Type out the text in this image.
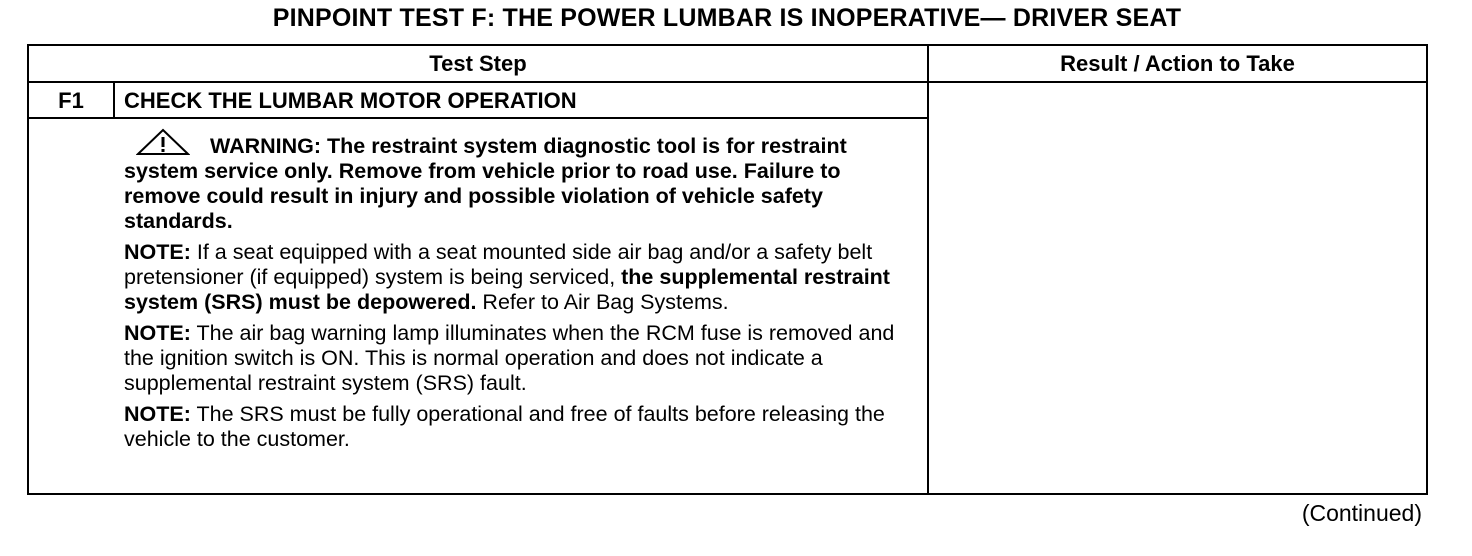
PINPOINT TEST F: THE POWER LUMBAR IS INOPERATIVE— DRIVER SEAT
Test Step	Result / Action to Take
F1	CHECK THE LUMBAR MOTOR OPERATION
WARNING: The restraint system diagnostic tool is for restraint system service only. Remove from vehicle prior to road use. Failure to remove could result in injury and possible violation of vehicle safety standards.
NOTE: If a seat equipped with a seat mounted side air bag and/or a safety belt pretensioner (if equipped) system is being serviced, the supplemental restraint system (SRS) must be depowered. Refer to Air Bag Systems.
NOTE: The air bag warning lamp illuminates when the RCM fuse is removed and the ignition switch is ON. This is normal operation and does not indicate a supplemental restraint system (SRS) fault.
NOTE: The SRS must be fully operational and free of faults before releasing the vehicle to the customer.
(Continued)
